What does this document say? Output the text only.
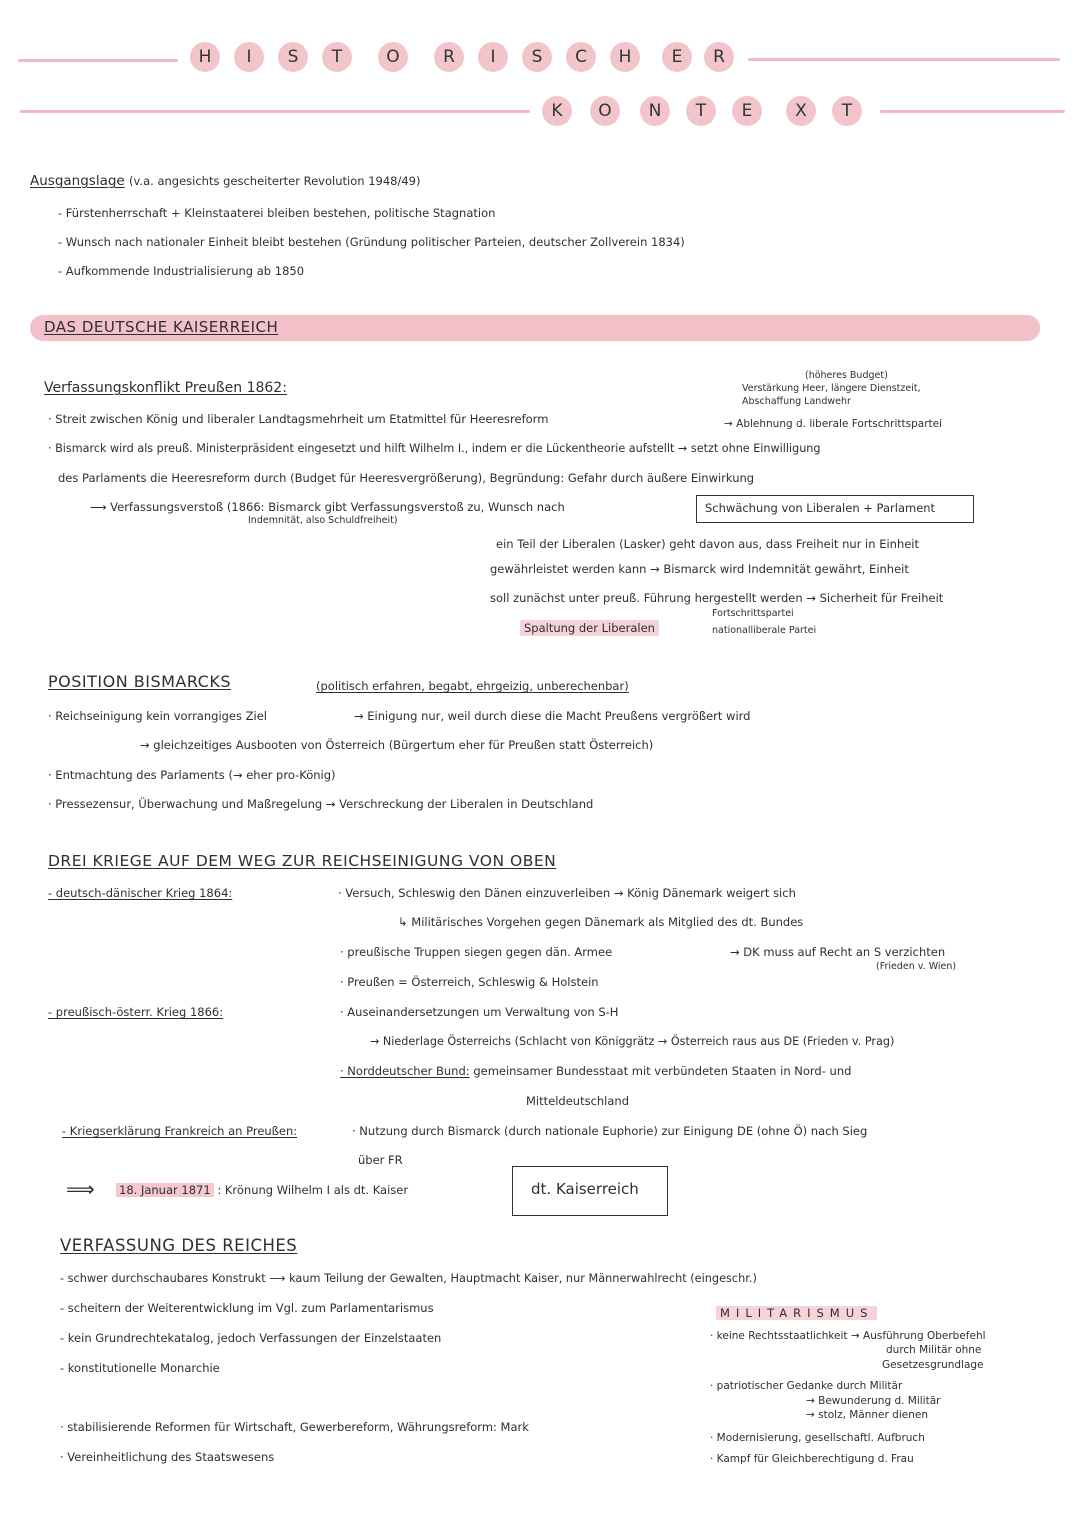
H	I	S	T	O	R	I	S	C	H	E	R
K	O	N	T	E	X	T
Ausgangslage (v.a. angesichts gescheiterter Revolution 1948/49)
- Fürstenherrschaft + Kleinstaaterei bleiben bestehen, politische Stagnation
- Wunsch nach nationaler Einheit bleibt bestehen (Gründung politischer Parteien, deutscher Zollverein 1834)
- Aufkommende Industrialisierung ab 1850
DAS DEUTSCHE KAISERREICH
Verfassungskonflikt Preußen 1862:
(höheres Budget)
Verstärkung Heer, längere Dienstzeit,
Abschaffung Landwehr
· Streit zwischen König und liberaler Landtagsmehrheit um Etatmittel für Heeresreform	→ Ablehnung d. liberale Fortschrittspartei
· Bismarck wird als preuß. Ministerpräsident eingesetzt und hilft Wilhelm I., indem er die Lückentheorie aufstellt → setzt ohne Einwilligung
des Parlaments die Heeresreform durch (Budget für Heeresvergrößerung), Begründung: Gefahr durch äußere Einwirkung
⟶ Verfassungsverstoß (1866: Bismarck gibt Verfassungsverstoß zu, Wunsch nach
Indemnität, also Schuldfreiheit)
Schwächung von Liberalen + Parlament
ein Teil der Liberalen (Lasker) geht davon aus, dass Freiheit nur in Einheit
gewährleistet werden kann → Bismarck wird Indemnität gewährt, Einheit
soll zunächst unter preuß. Führung hergestellt werden → Sicherheit für Freiheit
Spaltung der Liberalen
Fortschrittspartei
nationalliberale Partei
POSITION BISMARCKS	(politisch erfahren, begabt, ehrgeizig, unberechenbar)
· Reichseinigung kein vorrangiges Ziel	→ Einigung nur, weil durch diese die Macht Preußens vergrößert wird
→ gleichzeitiges Ausbooten von Österreich (Bürgertum eher für Preußen statt Österreich)
· Entmachtung des Parlaments (→ eher pro-König)
· Pressezensur, Überwachung und Maßregelung → Verschreckung der Liberalen in Deutschland
DREI KRIEGE AUF DEM WEG ZUR REICHSEINIGUNG VON OBEN
- deutsch-dänischer Krieg 1864:	· Versuch, Schleswig den Dänen einzuverleiben → König Dänemark weigert sich
↳ Militärisches Vorgehen gegen Dänemark als Mitglied des dt. Bundes
· preußische Truppen siegen gegen dän. Armee	→ DK muss auf Recht an S verzichten
(Frieden v. Wien)
· Preußen = Österreich, Schleswig & Holstein
- preußisch-österr. Krieg 1866:	· Auseinandersetzungen um Verwaltung von S-H
→ Niederlage Österreichs (Schlacht von Königgrätz → Österreich raus aus DE (Frieden v. Prag)
· Norddeutscher Bund: gemeinsamer Bundesstaat mit verbündeten Staaten in Nord- und
Mitteldeutschland
- Kriegserklärung Frankreich an Preußen:	· Nutzung durch Bismarck (durch nationale Euphorie) zur Einigung DE (ohne Ö) nach Sieg
über FR
⟹ 18. Januar 1871 : Krönung Wilhelm I als dt. Kaiser	dt. Kaiserreich
VERFASSUNG DES REICHES
- schwer durchschaubares Konstrukt ⟶ kaum Teilung der Gewalten, Hauptmacht Kaiser, nur Männerwahlrecht (eingeschr.)
- scheitern der Weiterentwicklung im Vgl. zum Parlamentarismus
- kein Grundrechtekatalog, jedoch Verfassungen der Einzelstaaten
- konstitutionelle Monarchie
· stabilisierende Reformen für Wirtschaft, Gewerbereform, Währungsreform: Mark
· Vereinheitlichung des Staatswesens
MILITARISMUS
· keine Rechtsstaatlichkeit → Ausführung Oberbefehl
durch Militär ohne
Gesetzesgrundlage
· patriotischer Gedanke durch Militär
→ Bewunderung d. Militär
→ stolz, Männer dienen
· Modernisierung, gesellschaftl. Aufbruch
· Kampf für Gleichberechtigung d. Frau
